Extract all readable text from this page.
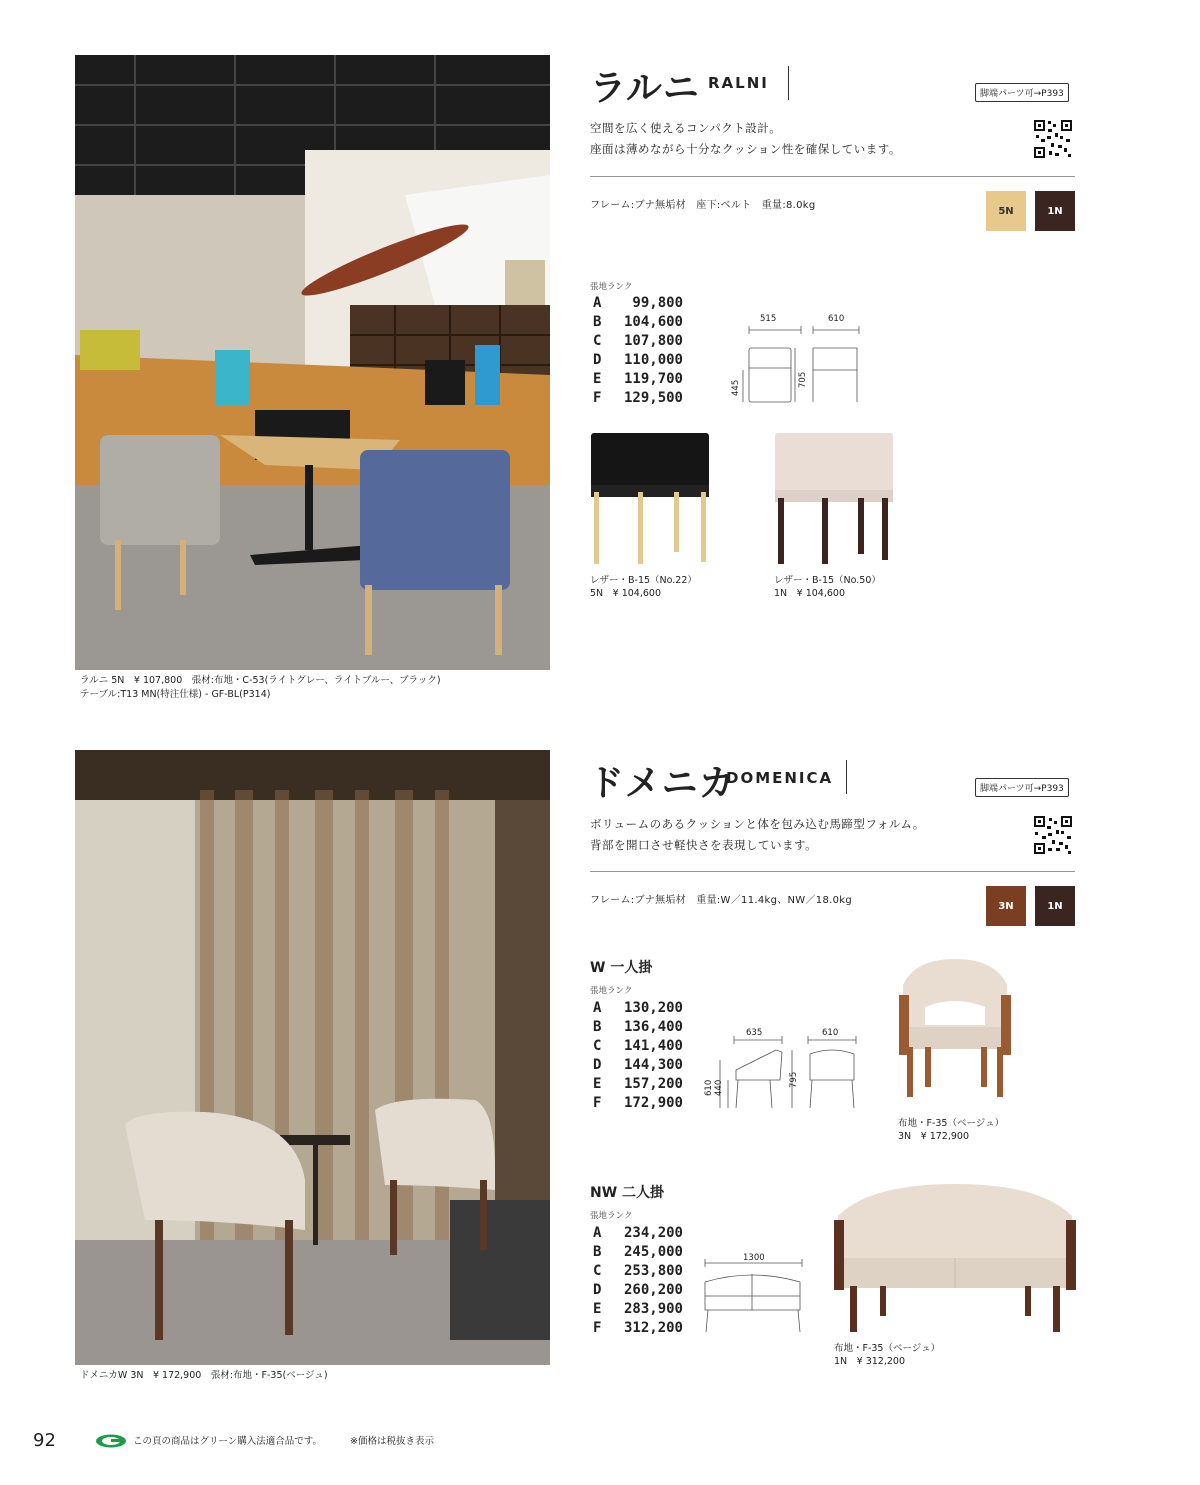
ラルニ 5N　¥ 107,800　張材:布地・C-53(ライトグレー、ライトブルー、ブラック)
テーブル:T13 MN(特注仕様) - GF-BL(P314)
ラルニ RALNI
脚端パーツ可→P393
空間を広く使えるコンパクト設計。
座面は薄めながら十分なクッション性を確保しています。
フレーム:ブナ無垢材　座下:ベルト　重量:8.0kg	5N	1N
張地ランク
A	99,800
B	104,600
C	107,800
D	110,000
E	119,700
F	129,500
515	610
445	705
レザー・B-15（No.22）
5N　¥ 104,600
レザー・B-15（No.50）
1N　¥ 104,600
ドメニカW 3N　¥ 172,900　張材:布地・F-35(ベージュ)
ドメニカ
DOMENICA
脚端パーツ可→P393
ボリュームのあるクッションと体を包み込む馬蹄型フォルム。
背部を開口させ軽快さを表現しています。
フレーム:ブナ無垢材　重量:W／11.4kg、NW／18.0kg	3N	1N
W 一人掛
張地ランク
A	130,200
B	136,400
C	141,400
D	144,300
E	157,200
F	172,900
635	610
610 440	795
布地・F-35（ベージュ）
3N　¥ 172,900
NW 二人掛
張地ランク
A	234,200
B	245,000
C	253,800
D	260,200
E	283,900
F	312,200
1300
布地・F-35（ベージュ）
1N　¥ 312,200
92	この頁の商品はグリーン購入法適合品です。	※価格は税抜き表示
